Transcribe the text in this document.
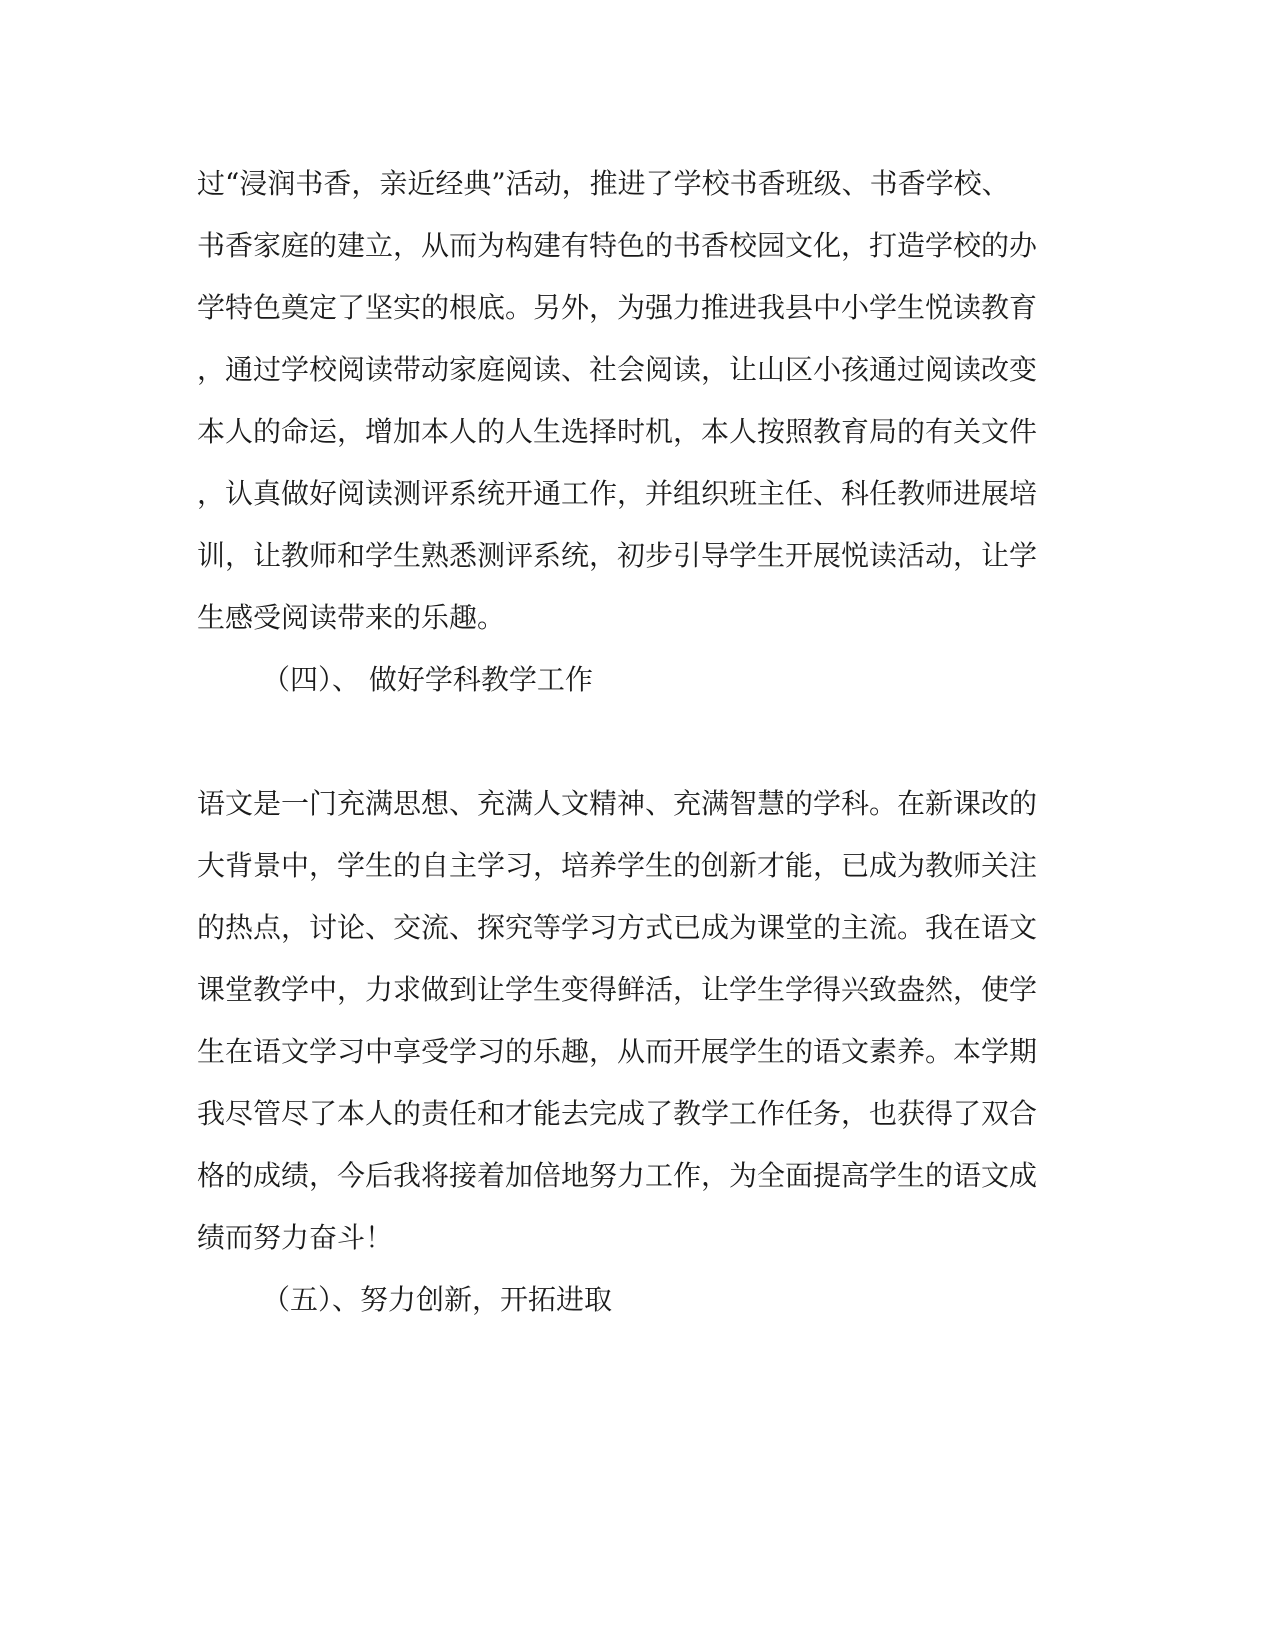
过“浸润书香，亲近经典”活动，推进了学校书香班级、书香学校、
书香家庭的建立，从而为构建有特色的书香校园文化，打造学校的办
学特色奠定了坚实的根底。另外，为强力推进我县中小学生悦读教育
，通过学校阅读带动家庭阅读、社会阅读，让山区小孩通过阅读改变
本人的命运，增加本人的人生选择时机，本人按照教育局的有关文件
，认真做好阅读测评系统开通工作，并组织班主任、科任教师进展培
训，让教师和学生熟悉测评系统，初步引导学生开展悦读活动，让学
生感受阅读带来的乐趣。
（四）、 做好学科教学工作
语文是一门充满思想、充满人文精神、充满智慧的学科。在新课改的
大背景中，学生的自主学习，培养学生的创新才能，已成为教师关注
的热点，讨论、交流、探究等学习方式已成为课堂的主流。我在语文
课堂教学中，力求做到让学生变得鲜活，让学生学得兴致盎然，使学
生在语文学习中享受学习的乐趣，从而开展学生的语文素养。本学期
我尽管尽了本人的责任和才能去完成了教学工作任务，也获得了双合
格的成绩，今后我将接着加倍地努力工作，为全面提高学生的语文成
绩而努力奋斗！
（五）、努力创新，开拓进取
